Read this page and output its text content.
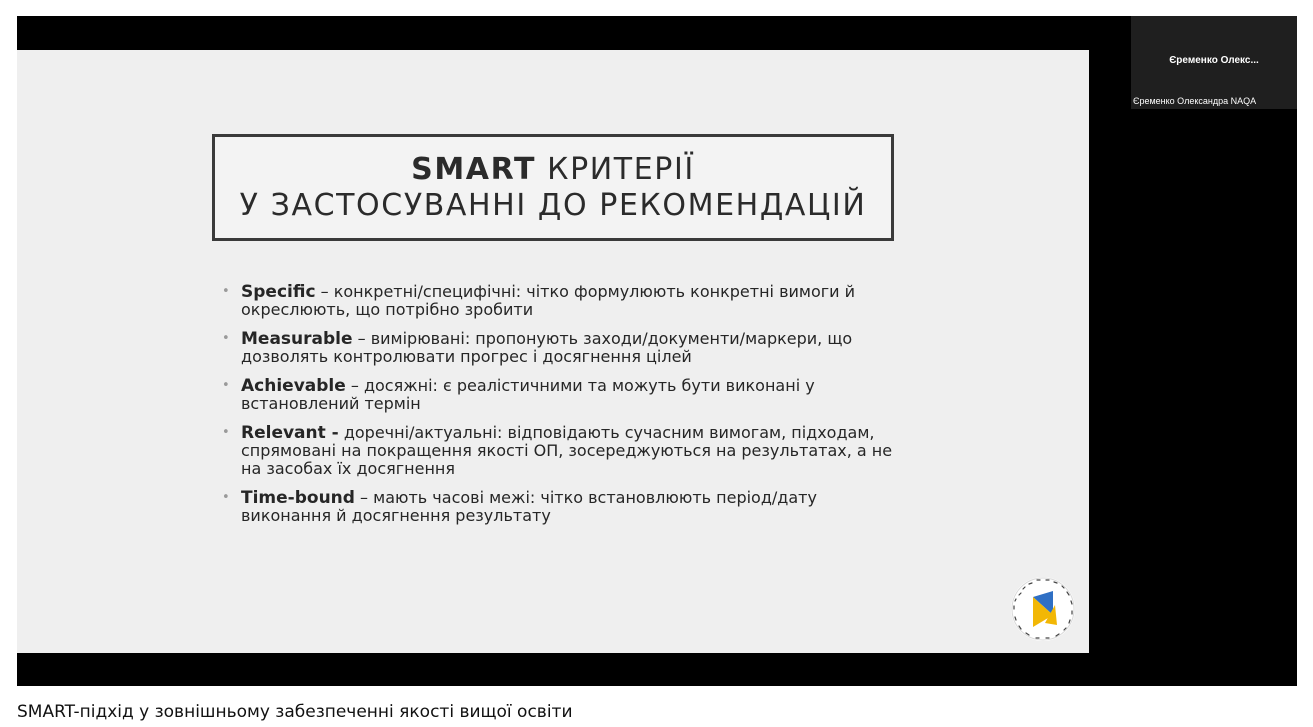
SMART КРИТЕРІЇ
У ЗАСТОСУВАННІ ДО РЕКОМЕНДАЦІЙ
• Specific – конкретні/специфічні: чітко формулюють конкретні вимоги й окреслюють, що потрібно зробити
• Measurable – вимірювані: пропонують заходи/документи/маркери, що дозволять контролювати прогрес і досягнення цілей
• Achievable – досяжні: є реалістичними та можуть бути виконані у встановлений термін
• Relevant - доречні/актуальні: відповідають сучасним вимогам, підходам, спрямовані на покращення якості ОП, зосереджуються на результатах, а не на засобах їх досягнення
• Time-bound – мають часові межі: чітко встановлюють період/дату виконання й досягнення результату
Єременко Олекс...
Єременко Олександра NAQA
SMART-підхід у зовнішньому забезпеченні якості вищої освіти
